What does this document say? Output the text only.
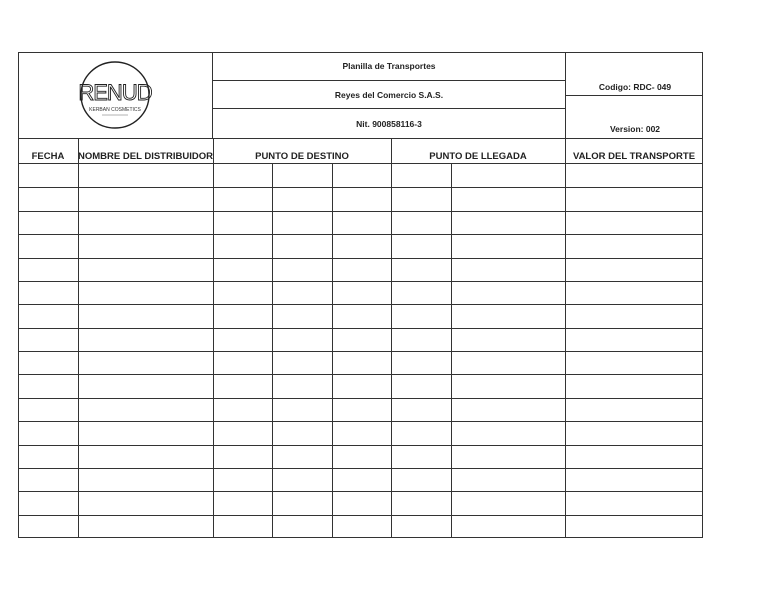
RENUD
KERBAN COSMETICS
Planilla de Transportes
Reyes del Comercio S.A.S.
Nit. 900858116-3
Codigo: RDC- 049
Version: 002
FECHA	NOMBRE DEL DISTRIBUIDOR	PUNTO DE DESTINO	PUNTO DE LLEGADA	VALOR DEL TRANSPORTE
